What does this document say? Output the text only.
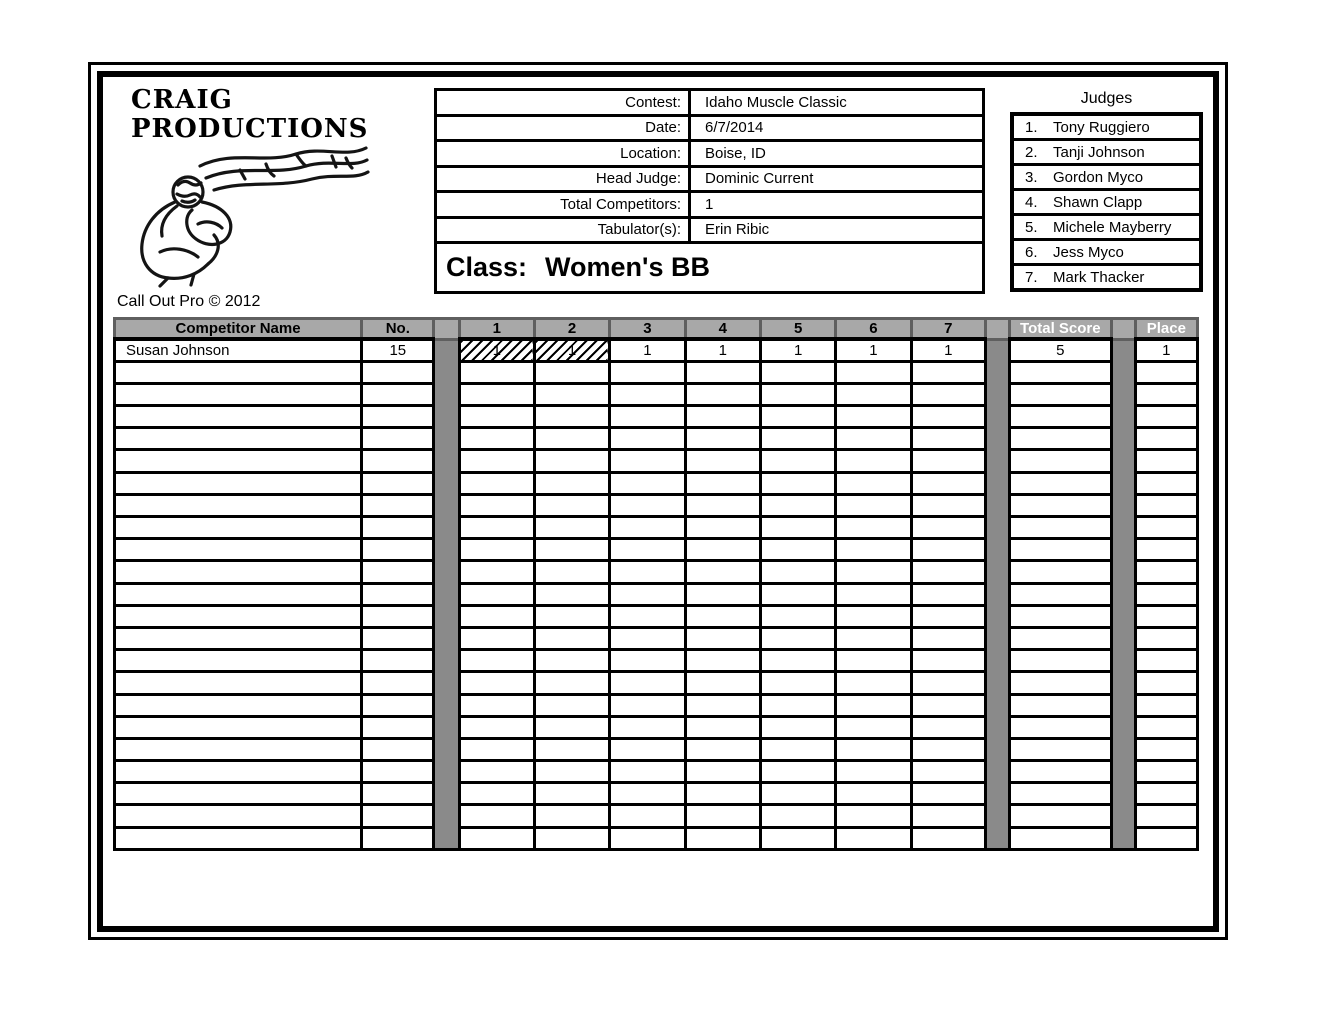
CRAIG
PRODUCTIONS
Call Out Pro © 2012
Contest:	Idaho Muscle Classic
Date:	6/7/2014
Location:	Boise, ID
Head Judge:	Dominic Current
Total Competitors:	1
Tabulator(s):	Erin Ribic
Class: Women's BB
Judges
1.	Tony Ruggiero
2.	Tanji Johnson
3.	Gordon Myco
4.	Shawn Clapp
5.	Michele Mayberry
6.	Jess Myco
7.	Mark Thacker
Competitor Name	No.		1	2	3	4	5	6	7		Total Score		Place
Susan Johnson	15		1	1	1	1	1	1	1		5		1
